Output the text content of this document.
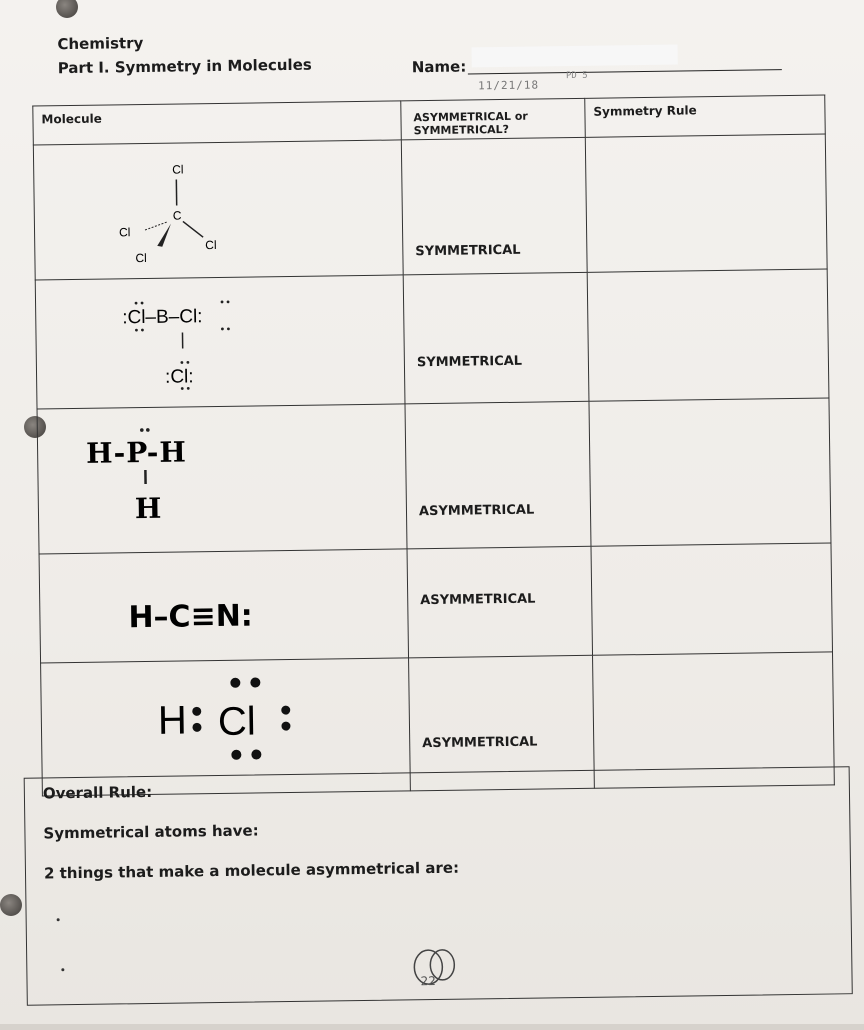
Chemistry
Part I. Symmetry in Molecules	Name:
11/21/18
PD 5
Molecule	ASYMMETRICAL or SYMMETRICAL?	Symmetry Rule

Cl
C
Cl
Cl
Cl	SYMMETRICAL	

:Cl–B–Cl:
:Cl:	SYMMETRICAL	

H-P-H
H	ASYMMETRICAL	

H–C≡N:	ASYMMETRICAL	

H Cl	ASYMMETRICAL	

Overall Rule:
Symmetrical atoms have:
2 things that make a molecule asymmetrical are:
22
